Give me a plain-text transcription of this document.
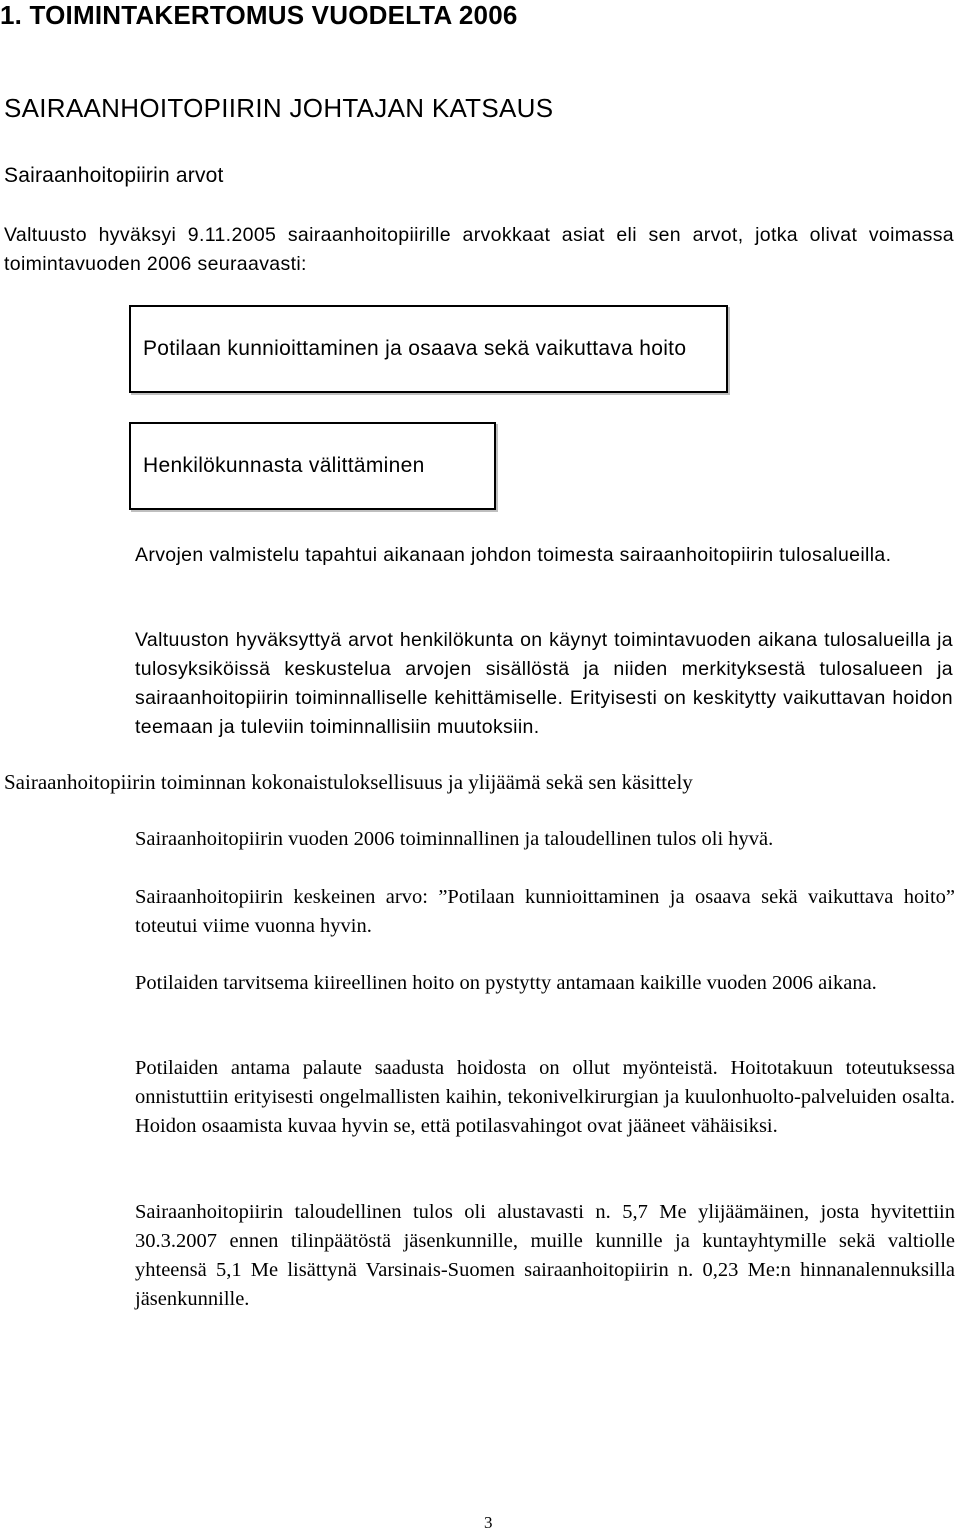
1. TOIMINTAKERTOMUS VUODELTA 2006
SAIRAANHOITOPIIRIN JOHTAJAN KATSAUS
Sairaanhoitopiirin arvot
Valtuusto hyväksyi 9.11.2005 sairaanhoitopiirille arvokkaat asiat eli sen arvot, jotka olivat voimassa toimintavuoden 2006 seuraavasti:
Potilaan kunnioittaminen ja osaava sekä vaikuttava hoito
Henkilökunnasta välittäminen
Arvojen valmistelu tapahtui aikanaan johdon toimesta sairaanhoitopiirin tulosalueilla.
Valtuuston hyväksyttyä arvot henkilökunta on käynyt toimintavuoden aikana tulosalueilla ja tulosyksiköissä keskustelua arvojen sisällöstä ja niiden merkityksestä tulosalueen ja sairaanhoitopiirin toiminnalliselle kehittämiselle. Erityisesti on keskitytty vaikuttavan hoidon teemaan ja tuleviin toiminnallisiin muutoksiin.
Sairaanhoitopiirin toiminnan kokonaistuloksellisuus ja ylijäämä sekä sen käsittely
Sairaanhoitopiirin vuoden 2006 toiminnallinen ja taloudellinen tulos oli hyvä.
Sairaanhoitopiirin keskeinen arvo: ”Potilaan kunnioittaminen ja osaava sekä vaikuttava hoito” toteutui viime vuonna hyvin.
Potilaiden tarvitsema kiireellinen hoito on pystytty antamaan kaikille vuoden 2006 aikana.
Potilaiden antama palaute saadusta hoidosta on ollut myönteistä. Hoitotakuun toteutuksessa onnistuttiin erityisesti ongelmallisten kaihin, tekonivelkirurgian ja kuulonhuolto-palveluiden osalta. Hoidon osaamista kuvaa hyvin se, että potilasvahingot ovat jääneet vähäisiksi.
Sairaanhoitopiirin taloudellinen tulos oli alustavasti n. 5,7 Me ylijäämäinen, josta hyvitettiin 30.3.2007 ennen tilinpäätöstä jäsenkunnille, muille kunnille ja kuntayhtymille sekä valtiolle yhteensä 5,1 Me lisättynä Varsinais-Suomen sairaanhoitopiirin n. 0,23 Me:n hinnanalennuksilla jäsenkunnille.
3
